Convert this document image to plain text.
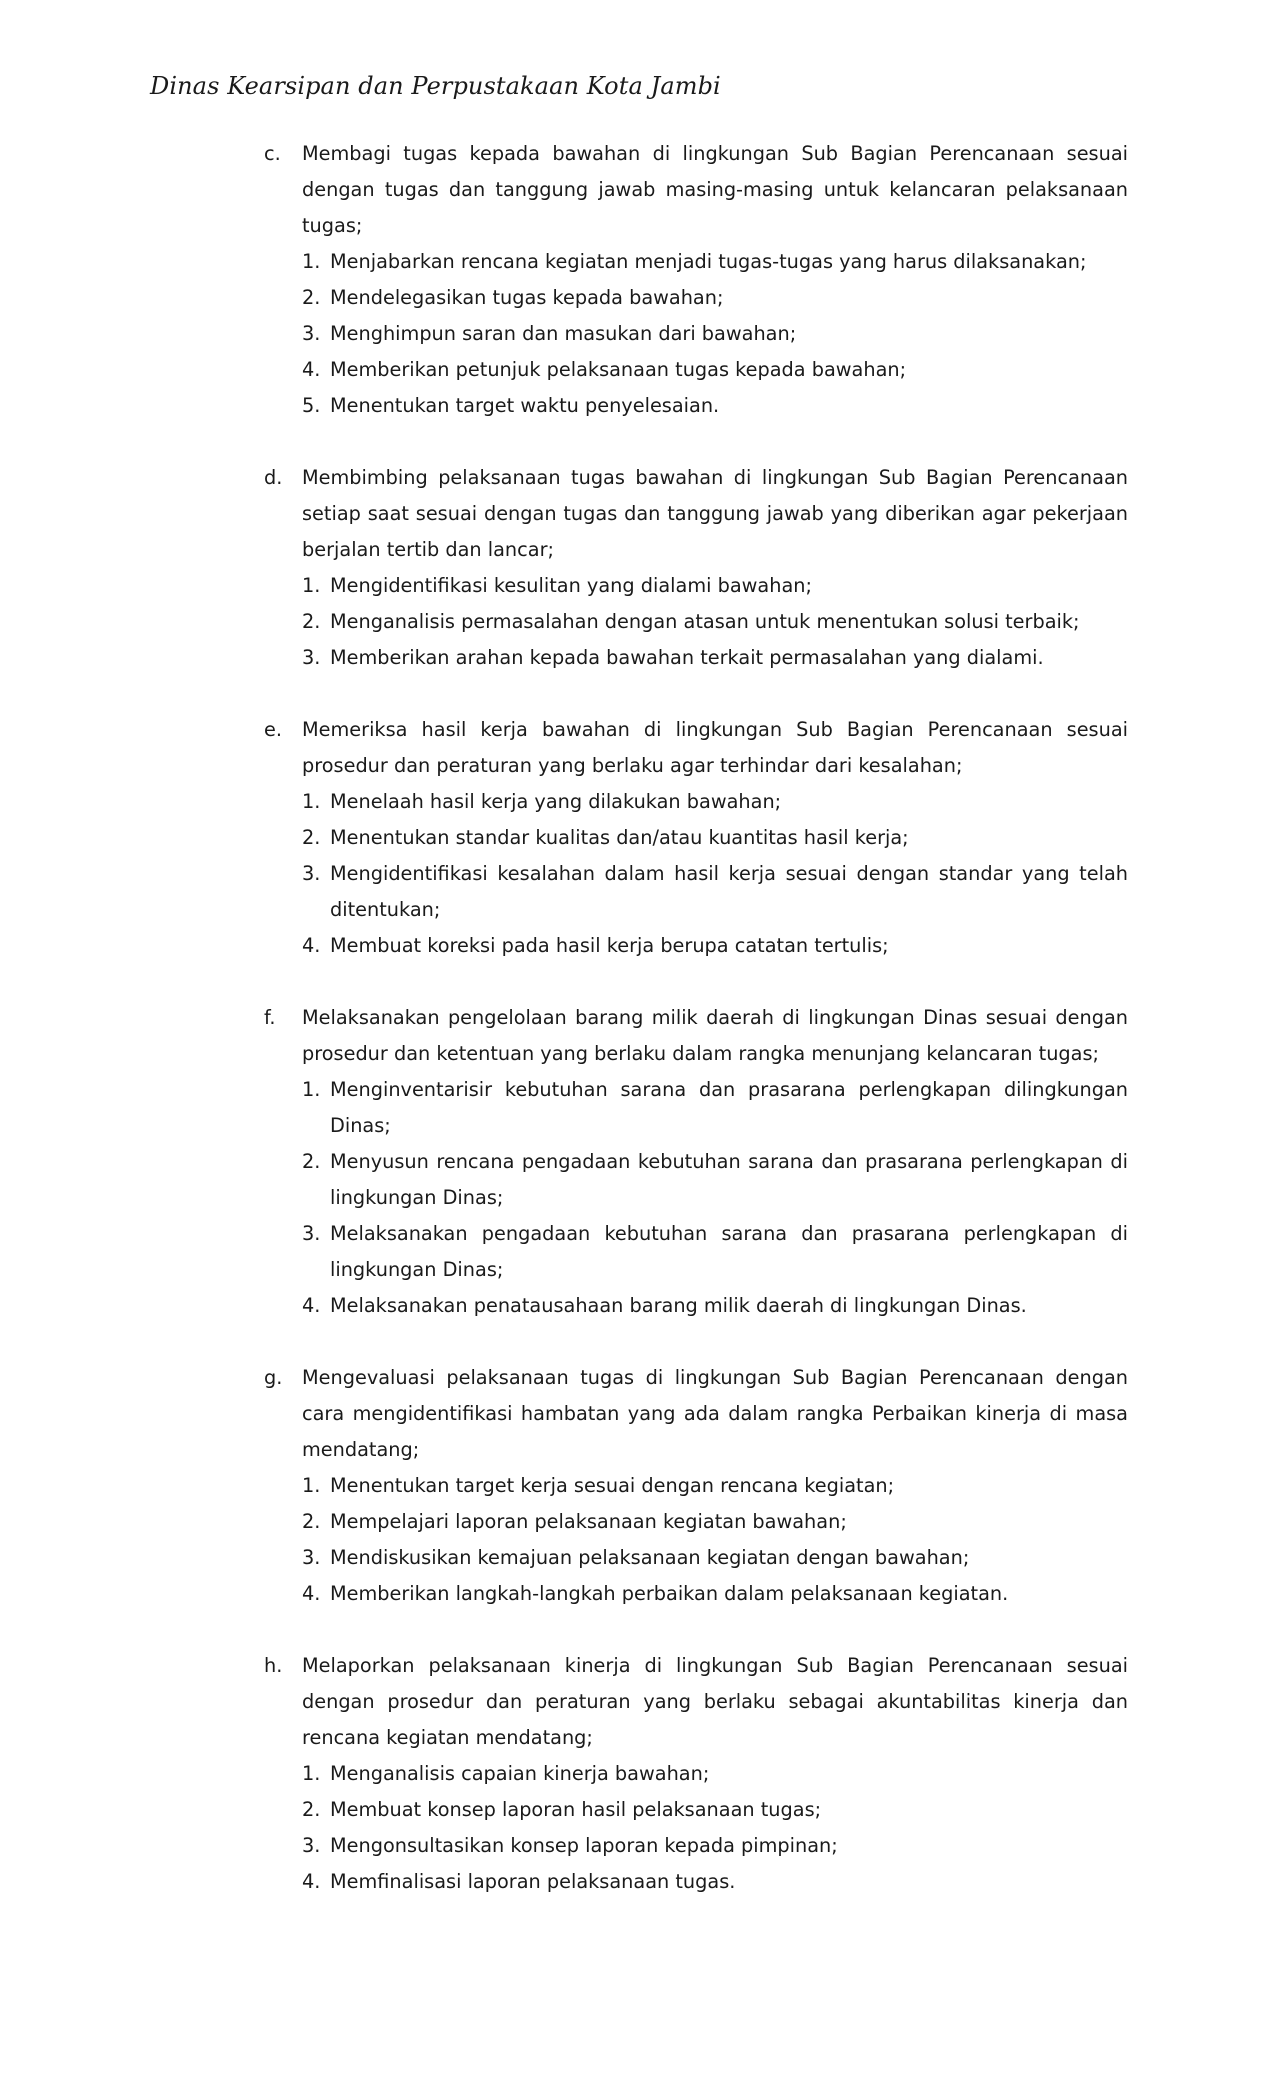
Dinas Kearsipan dan Perpustakaan Kota Jambi
c. Membagi tugas kepada bawahan di lingkungan Sub Bagian Perencanaan sesuai dengan tugas dan tanggung jawab masing-masing untuk kelancaran pelaksanaan tugas;
1. Menjabarkan rencana kegiatan menjadi tugas-tugas yang harus dilaksanakan;
2. Mendelegasikan tugas kepada bawahan;
3. Menghimpun saran dan masukan dari bawahan;
4. Memberikan petunjuk pelaksanaan tugas kepada bawahan;
5. Menentukan target waktu penyelesaian.
d. Membimbing pelaksanaan tugas bawahan di lingkungan Sub Bagian Perencanaan setiap saat sesuai dengan tugas dan tanggung jawab yang diberikan agar pekerjaan berjalan tertib dan lancar;
1. Mengidentifikasi kesulitan yang dialami bawahan;
2. Menganalisis permasalahan dengan atasan untuk menentukan solusi terbaik;
3. Memberikan arahan kepada bawahan terkait permasalahan yang dialami.
e. Memeriksa hasil kerja bawahan di lingkungan Sub Bagian Perencanaan sesuai prosedur dan peraturan yang berlaku agar terhindar dari kesalahan;
1. Menelaah hasil kerja yang dilakukan bawahan;
2. Menentukan standar kualitas dan/atau kuantitas hasil kerja;
3. Mengidentifikasi kesalahan dalam hasil kerja sesuai dengan standar yang telah ditentukan;
4. Membuat koreksi pada hasil kerja berupa catatan tertulis;
f. Melaksanakan pengelolaan barang milik daerah di lingkungan Dinas sesuai dengan prosedur dan ketentuan yang berlaku dalam rangka menunjang kelancaran tugas;
1. Menginventarisir kebutuhan sarana dan prasarana perlengkapan dilingkungan Dinas;
2. Menyusun rencana pengadaan kebutuhan sarana dan prasarana perlengkapan di lingkungan Dinas;
3. Melaksanakan pengadaan kebutuhan sarana dan prasarana perlengkapan di lingkungan Dinas;
4. Melaksanakan penatausahaan barang milik daerah di lingkungan Dinas.
g. Mengevaluasi pelaksanaan tugas di lingkungan Sub Bagian Perencanaan dengan cara mengidentifikasi hambatan yang ada dalam rangka Perbaikan kinerja di masa mendatang;
1. Menentukan target kerja sesuai dengan rencana kegiatan;
2. Mempelajari laporan pelaksanaan kegiatan bawahan;
3. Mendiskusikan kemajuan pelaksanaan kegiatan dengan bawahan;
4. Memberikan langkah-langkah perbaikan dalam pelaksanaan kegiatan.
h. Melaporkan pelaksanaan kinerja di lingkungan Sub Bagian Perencanaan sesuai dengan prosedur dan peraturan yang berlaku sebagai akuntabilitas kinerja dan rencana kegiatan mendatang;
1. Menganalisis capaian kinerja bawahan;
2. Membuat konsep laporan hasil pelaksanaan tugas;
3. Mengonsultasikan konsep laporan kepada pimpinan;
4. Memfinalisasi laporan pelaksanaan tugas.
